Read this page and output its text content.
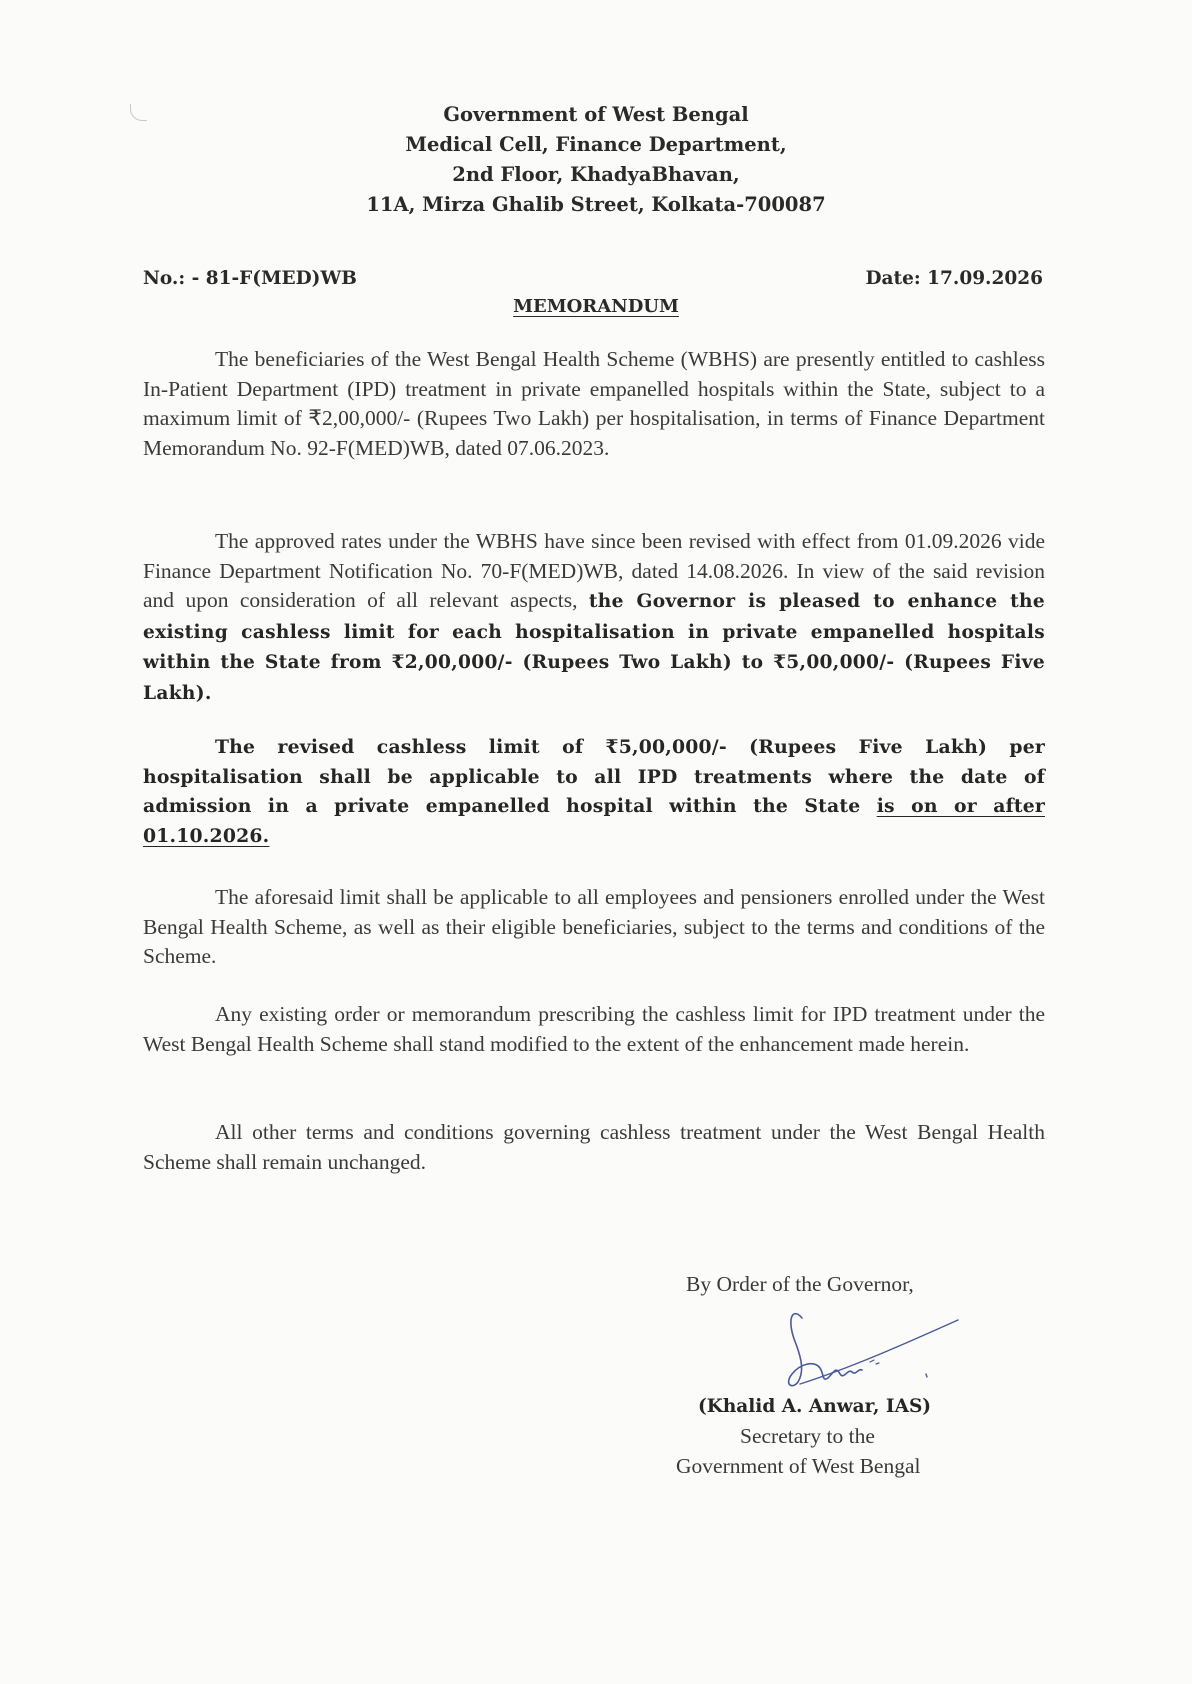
Government of West Bengal
Medical Cell, Finance Department,
2nd Floor, KhadyaBhavan,
11A, Mirza Ghalib Street, Kolkata-700087
No.: - 81-F(MED)WB	Date: 17.09.2026
MEMORANDUM
The beneficiaries of the West Bengal Health Scheme (WBHS) are presently entitled to cashless In-Patient Department (IPD) treatment in private empanelled hospitals within the State, subject to a maximum limit of ₹2,00,000/- (Rupees Two Lakh) per hospitalisation, in terms of Finance Department Memorandum No. 92-F(MED)WB, dated 07.06.2023.
The approved rates under the WBHS have since been revised with effect from 01.09.2026 vide Finance Department Notification No. 70-F(MED)WB, dated 14.08.2026. In view of the said revision and upon consideration of all relevant aspects, the Governor is pleased to enhance the existing cashless limit for each hospitalisation in private empanelled hospitals within the State from ₹2,00,000/- (Rupees Two Lakh) to ₹5,00,000/- (Rupees Five Lakh).
The revised cashless limit of ₹5,00,000/- (Rupees Five Lakh) per hospitalisation shall be applicable to all IPD treatments where the date of admission in a private empanelled hospital within the State is on or after 01.10.2026.
The aforesaid limit shall be applicable to all employees and pensioners enrolled under the West Bengal Health Scheme, as well as their eligible beneficiaries, subject to the terms and conditions of the Scheme.
Any existing order or memorandum prescribing the cashless limit for IPD treatment under the West Bengal Health Scheme shall stand modified to the extent of the enhancement made herein.
All other terms and conditions governing cashless treatment under the West Bengal Health Scheme shall remain unchanged.
By Order of the Governor,
(Khalid A. Anwar, IAS)
Secretary to the
Government of West Bengal
